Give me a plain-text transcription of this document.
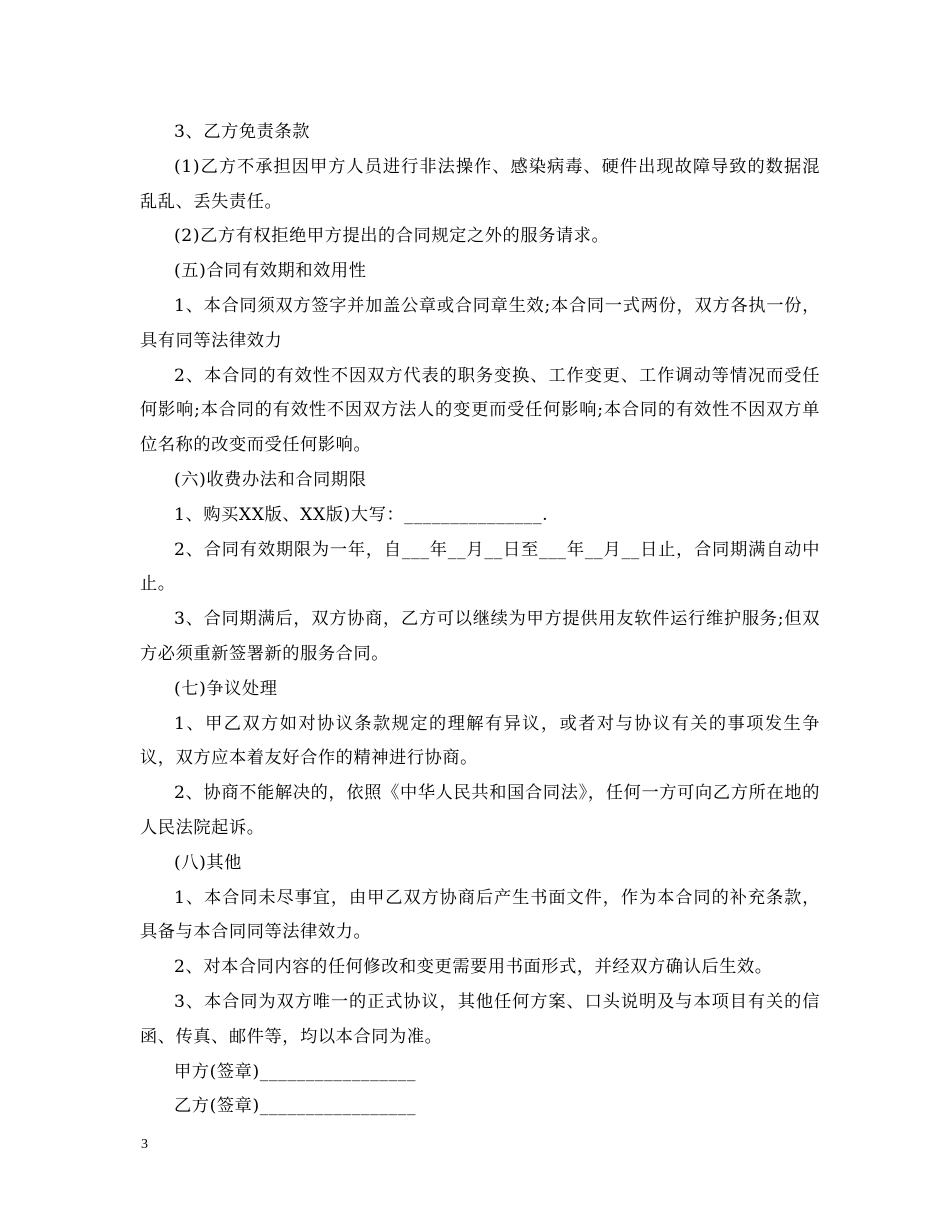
3、乙方免责条款

(1)乙方不承担因甲方人员进行非法操作、感染病毒、硬件出现故障导致的数据混乱乱、丢失责任。

(2)乙方有权拒绝甲方提出的合同规定之外的服务请求。

(五)合同有效期和效用性

1、本合同须双方签字并加盖公章或合同章生效;本合同一式两份，双方各执一份，具有同等法律效力

2、本合同的有效性不因双方代表的职务变换、工作变更、工作调动等情况而受任何影响;本合同的有效性不因双方法人的变更而受任何影响;本合同的有效性不因双方单位名称的改变而受任何影响。

(六)收费办法和合同期限

1、购买XX版、XX版)大写：_______________.

2、合同有效期限为一年，自___年__月__日至___年__月__日止，合同期满自动中止。

3、合同期满后，双方协商，乙方可以继续为甲方提供用友软件运行维护服务;但双方必须重新签署新的服务合同。

(七)争议处理

1、甲乙双方如对协议条款规定的理解有异议，或者对与协议有关的事项发生争议，双方应本着友好合作的精神进行协商。

2、协商不能解决的，依照《中华人民共和国合同法》，任何一方可向乙方所在地的人民法院起诉。

(八)其他

1、本合同未尽事宜，由甲乙双方协商后产生书面文件，作为本合同的补充条款，具备与本合同同等法律效力。

2、对本合同内容的任何修改和变更需要用书面形式，并经双方确认后生效。

3、本合同为双方唯一的正式协议，其他任何方案、口头说明及与本项目有关的信函、传真、邮件等，均以本合同为准。

甲方(签章)_________________

乙方(签章)_________________

3
